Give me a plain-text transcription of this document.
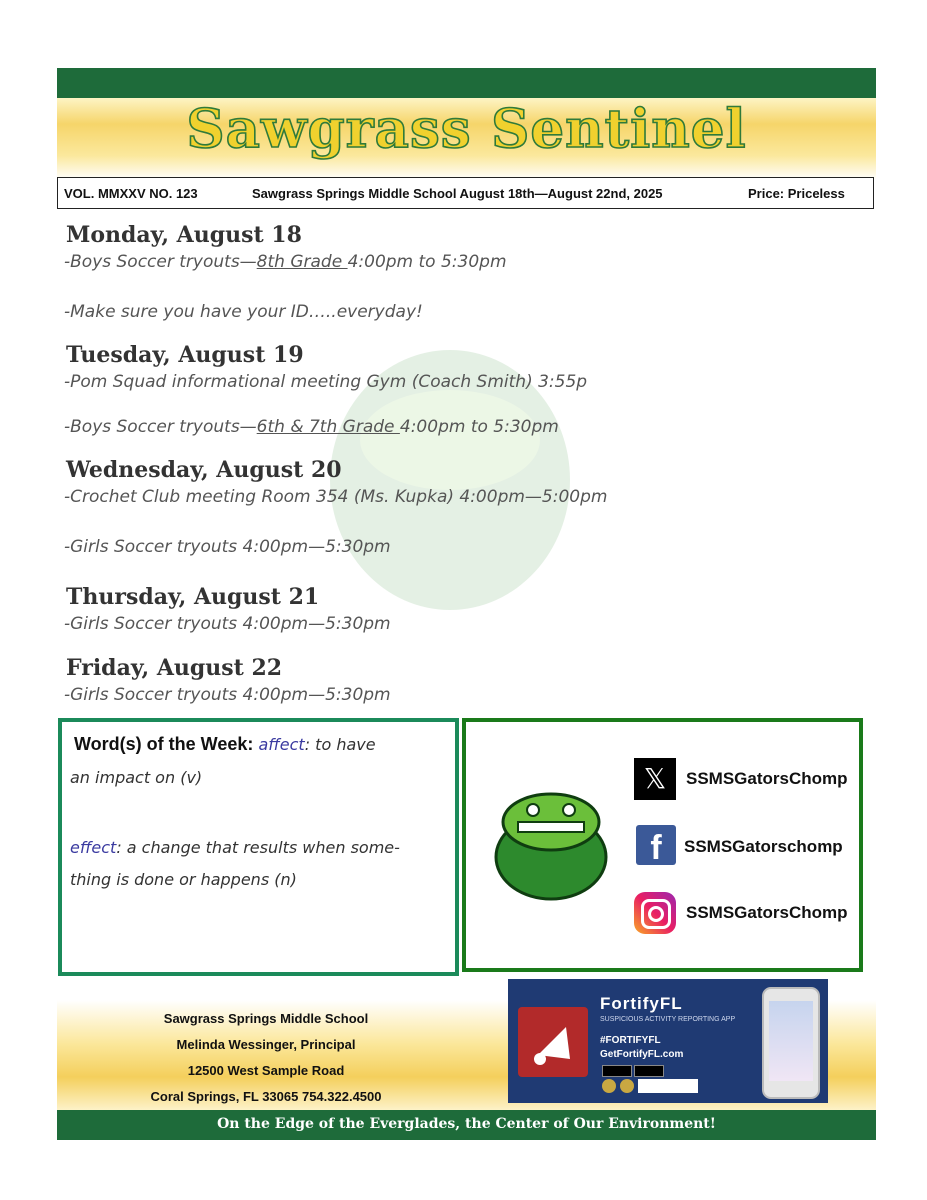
Sawgrass Sentinel
VOL. MMXXV NO. 123	Sawgrass Springs Middle School August 18th—August 22nd, 2025	Price: Priceless
Monday, August 18
-Boys Soccer tryouts—8th Grade 4:00pm to 5:30pm
-Make sure you have your ID…..everyday!
Tuesday, August 19
-Pom Squad informational meeting Gym (Coach Smith) 3:55p
-Boys Soccer tryouts—6th & 7th Grade 4:00pm to 5:30pm
Wednesday, August 20
-Crochet Club meeting Room 354 (Ms. Kupka) 4:00pm—5:00pm
-Girls Soccer tryouts 4:00pm—5:30pm
Thursday, August 21
-Girls Soccer tryouts 4:00pm—5:30pm
Friday, August 22
-Girls Soccer tryouts 4:00pm—5:30pm
Word(s) of the Week: affect: to have
an impact on (v)
effect: a change that results when some-
thing is done or happens (n)
𝕏	SSMSGatorsChomp
f	SSMSGatorschomp
SSMSGatorsChomp
Sawgrass Springs Middle School
Melinda Wessinger, Principal
12500 West Sample Road
Coral Springs, FL 33065 754.322.4500
FortifyFL
SUSPICIOUS ACTIVITY REPORTING APP
#FORTIFYFL
GetFortifyFL.com
On the Edge of the Everglades, the Center of Our Environment!
